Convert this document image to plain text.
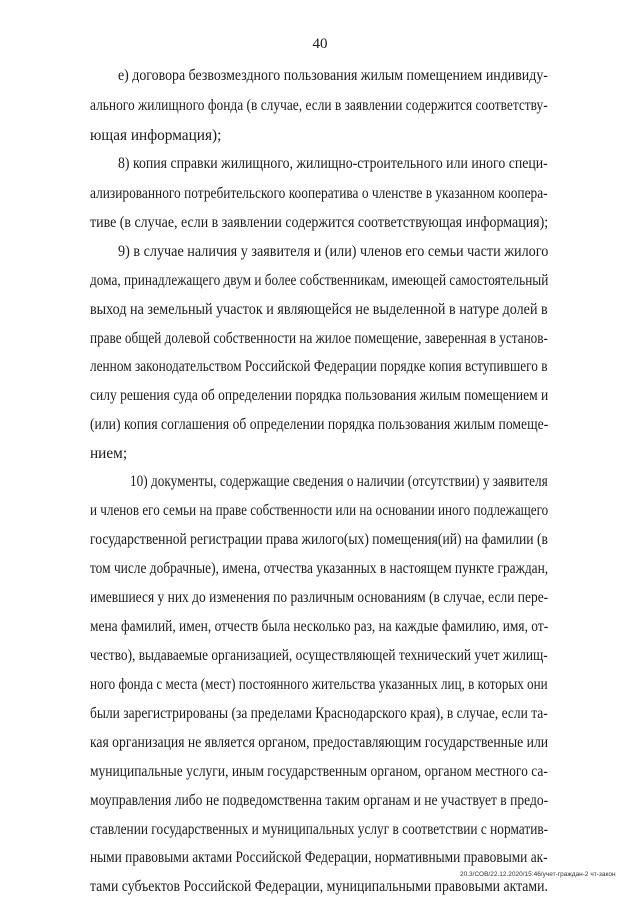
40
е) договора безвозмездного пользования жилым помещением индивиду-
ального жилищного фонда (в случае, если в заявлении содержится соответству-
ющая информация);
8) копия справки жилищного, жилищно-строительного или иного специ-
ализированного потребительского кооператива о членстве в указанном коопера-
тиве (в случае, если в заявлении содержится соответствующая информация);
9) в случае наличия у заявителя и (или) членов его семьи части жилого
дома, принадлежащего двум и более собственникам, имеющей самостоятельный
выход на земельный участок и являющейся не выделенной в натуре долей в
праве общей долевой собственности на жилое помещение, заверенная в установ-
ленном законодательством Российской Федерации порядке копия вступившего в
силу решения суда об определении порядка пользования жилым помещением и
(или) копия соглашения об определении порядка пользования жилым помеще-
нием;
10) документы, содержащие сведения о наличии (отсутствии) у заявителя
и членов его семьи на праве собственности или на основании иного подлежащего
государственной регистрации права жилого(ых) помещения(ий) на фамилии (в
том числе добрачные), имена, отчества указанных в настоящем пункте граждан,
имевшиеся у них до изменения по различным основаниям (в случае, если пере-
мена фамилий, имен, отчеств была несколько раз, на каждые фамилию, имя, от-
чество), выдаваемые организацией, осуществляющей технический учет жилищ-
ного фонда с места (мест) постоянного жительства указанных лиц, в которых они
были зарегистрированы (за пределами Краснодарского края), в случае, если та-
кая организация не является органом, предоставляющим государственные или
муниципальные услуги, иным государственным органом, органом местного са-
моуправления либо не подведомственна таким органам и не участвует в предо-
ставлении государственных и муниципальных услуг в соответствии с норматив-
ными правовыми актами Российской Федерации, нормативными правовыми ак-
тами субъектов Российской Федерации, муниципальными правовыми актами.
20.3/СОВ/22.12.2020/15:46/учет-граждан-2 чт-закон
